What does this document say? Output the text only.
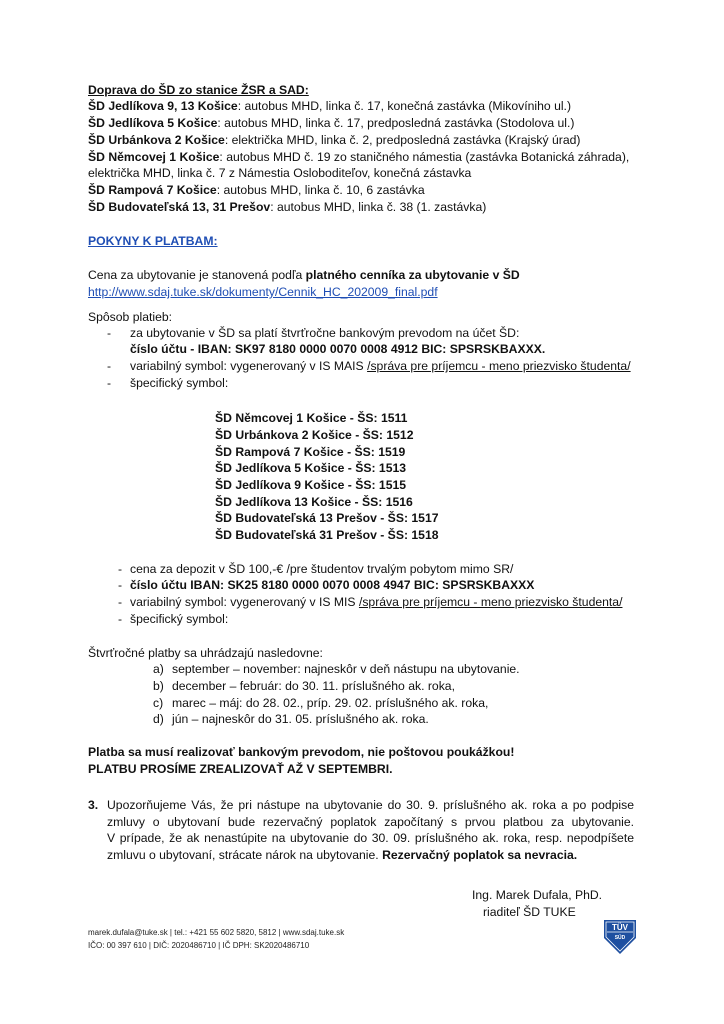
Doprava do ŠD zo stanice ŽSR a SAD:
ŠD Jedlíkova 9, 13 Košice: autobus MHD, linka č. 17, konečná zastávka (Mikovíniho ul.)
ŠD Jedlíkova 5 Košice: autobus MHD, linka č. 17, predposledná zastávka (Stodolova ul.)
ŠD Urbánkova 2 Košice: električka MHD, linka č. 2, predposledná zastávka (Krajský úrad)
ŠD Němcovej 1 Košice: autobus MHD č. 19 zo staničného námestia (zastávka Botanická záhrada),
električka MHD, linka č. 7 z Námestia Osloboditeľov, konečná zástavka
ŠD Rampová 7 Košice: autobus MHD, linka č. 10, 6 zastávka
ŠD Budovateľská 13, 31 Prešov: autobus MHD, linka č. 38 (1. zastávka)
POKYNY K PLATBAM:
Cena za ubytovanie je stanovená podľa platného cenníka za ubytovanie v ŠD
http://www.sdaj.tuke.sk/dokumenty/Cennik_HC_202009_final.pdf
Spôsob platieb:
- za ubytovanie v ŠD sa platí štvrťročne bankovým prevodom na účet ŠD:
číslo účtu - IBAN: SK97 8180 0000 0070 0008 4912 BIC: SPSRSKBAXXX.
- variabilný symbol: vygenerovaný v IS MAIS /správa pre príjemcu - meno priezvisko študenta/
- špecifický symbol:
ŠD Němcovej 1 Košice - ŠS: 1511
ŠD Urbánkova 2 Košice - ŠS: 1512
ŠD Rampová 7 Košice - ŠS: 1519
ŠD Jedlíkova 5 Košice - ŠS: 1513
ŠD Jedlíkova 9 Košice - ŠS: 1515
ŠD Jedlíkova 13 Košice - ŠS: 1516
ŠD Budovateľská 13 Prešov - ŠS: 1517
ŠD Budovateľská 31 Prešov - ŠS: 1518
- cena za depozit v ŠD 100,-€ /pre študentov trvalým pobytom mimo SR/
- číslo účtu IBAN: SK25 8180 0000 0070 0008 4947 BIC: SPSRSKBAXXX
- variabilný symbol: vygenerovaný v IS MIS /správa pre príjemcu - meno priezvisko študenta/
- špecifický symbol:
Štvrťročné platby sa uhrádzajú nasledovne:
a) september – november: najneskôr v deň nástupu na ubytovanie.
b) december – február: do 30. 11. príslušného ak. roka,
c) marec – máj: do 28. 02., príp. 29. 02. príslušného ak. roka,
d) jún – najneskôr do 31. 05. príslušného ak. roka.
Platba sa musí realizovať bankovým prevodom, nie poštovou poukážkou!
PLATBU PROSÍME ZREALIZOVAŤ AŽ V SEPTEMBRI.
3. Upozorňujeme Vás, že pri nástupe na ubytovanie do 30. 9. príslušného ak. roka a po podpise
zmluvy o ubytovaní bude rezervačný poplatok započítaný s prvou platbou za ubytovanie.
V prípade, že ak nenastúpite na ubytovanie do 30. 09. príslušného ak. roka, resp. nepodpíšete
zmluvu o ubytovaní, strácate nárok na ubytovanie. Rezervačný poplatok sa nevracia.
Ing. Marek Dufala, PhD.
riaditeľ ŠD TUKE
marek.dufala@tuke.sk | tel.: +421 55 602 5820, 5812 | www.sdaj.tuke.sk
IČO: 00 397 610 | DIČ: 2020486710 | IČ DPH: SK2020486710
TÜV
SÜD
